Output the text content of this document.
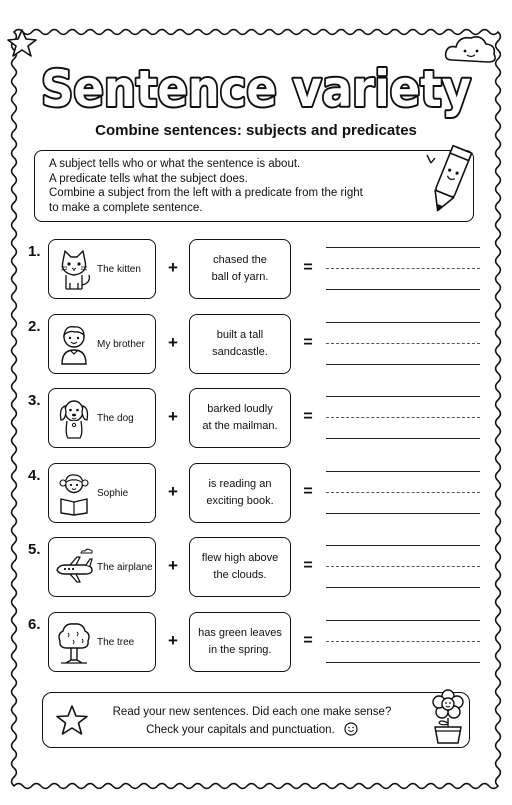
Sentence variety
Combine sentences: subjects and predicates

A subject tells who or what the sentence is about.

A predicate tells what the subject does.

Combine a subject from the left with a predicate from the right

to make a complete sentence.

1.
The kitten	+	chased the
ball of yarn.
=
2.
My brother	+	built a tall
sandcastle.
=
3.
The dog	+	barked loudly
at the mailman.
=
4.
Sophie	+	is reading an
exciting book.
=
5.
The airplane + flew high above
the clouds.
=
6.
The tree	+ has green leaves
in the spring.
=
Read your new sentences. Did each one make sense?
Check your capitals and punctuation.
